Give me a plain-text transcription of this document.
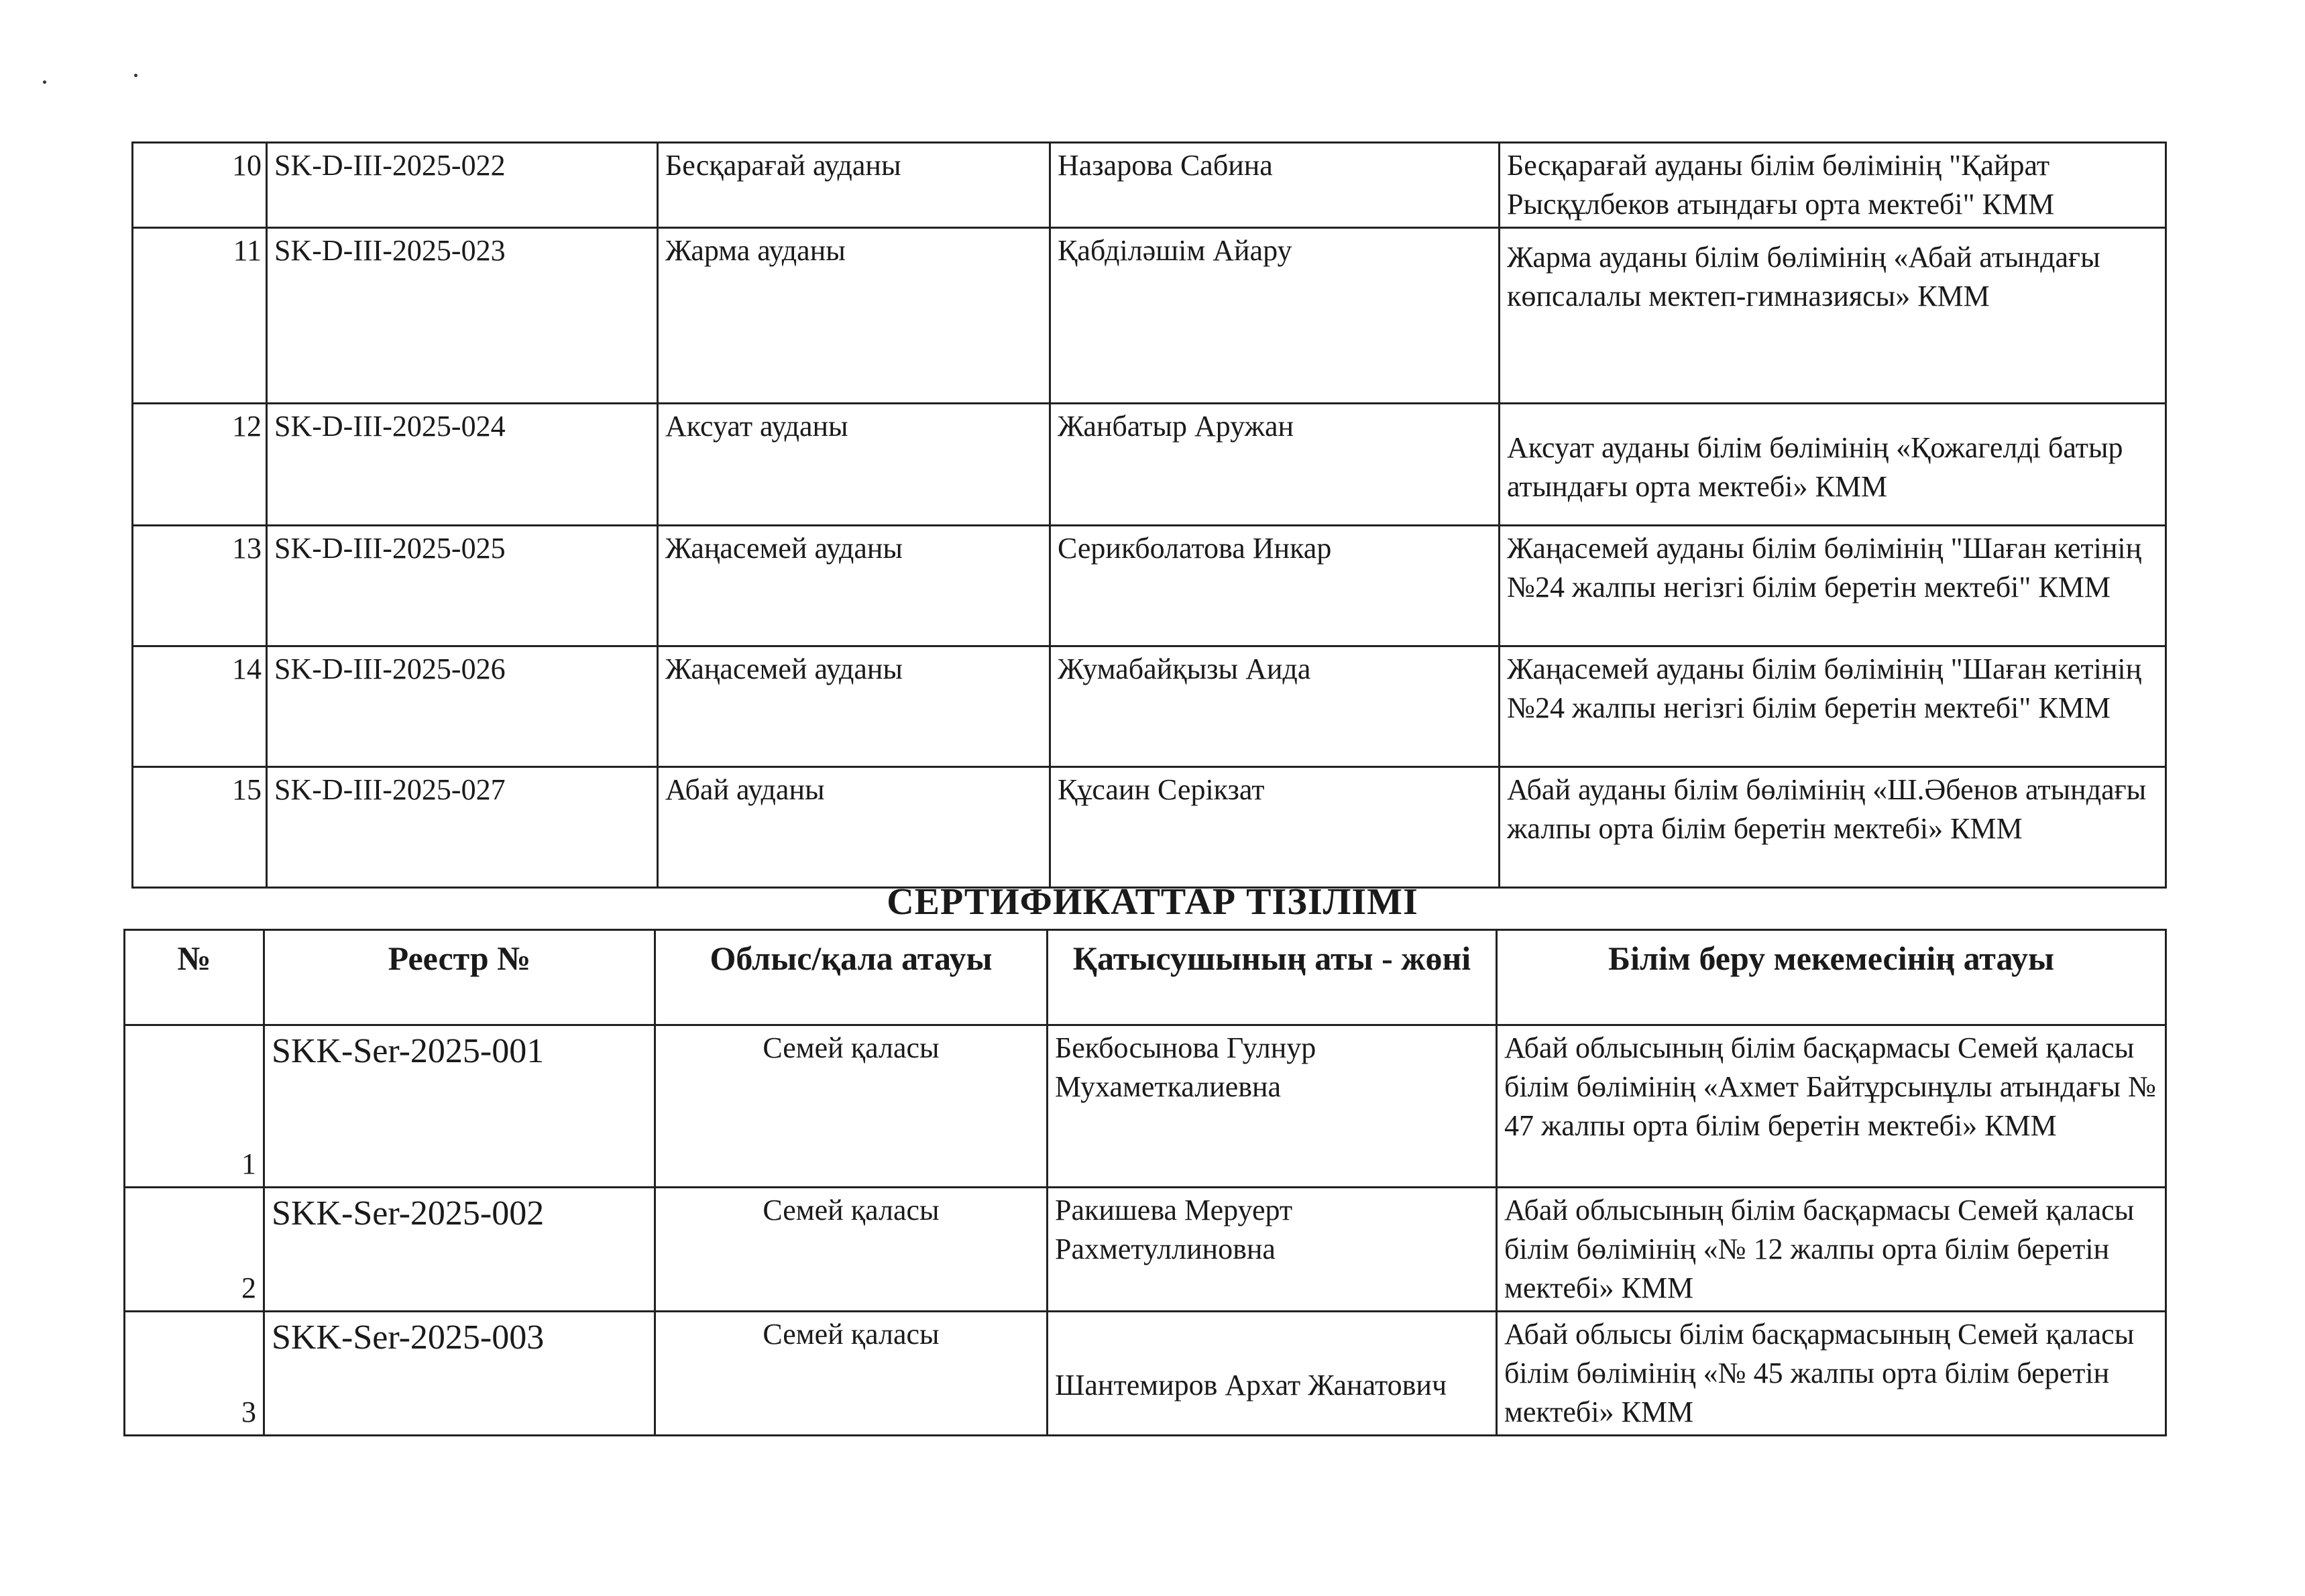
10	SK-D-III-2025-022	Бесқарағай ауданы	Назарова Сабина	Бесқарағай ауданы білім бөлімінің "Қайрат Рысқұлбеков атындағы орта мектебі" КММ
11	SK-D-III-2025-023	Жарма ауданы	Қабділәшім Айару	Жарма ауданы білім бөлімінің «Абай атындағы көпсалалы мектеп-гимназиясы» КММ
12	SK-D-III-2025-024	Аксуат ауданы	Жанбатыр Аружан	Аксуат ауданы білім бөлімінің «Қожагелді батыр атындағы орта мектебі» КММ
13	SK-D-III-2025-025	Жаңасемей ауданы	Серикболатова Инкар	Жаңасемей ауданы білім бөлімінің "Шаған кетінің №24 жалпы негізгі білім беретін мектебі" КММ
14	SK-D-III-2025-026	Жаңасемей ауданы	Жумабайқызы Аида	Жаңасемей ауданы білім бөлімінің "Шаған кетінің №24 жалпы негізгі білім беретін мектебі" КММ
15	SK-D-III-2025-027	Абай ауданы	Құсаин Серікзат	Абай ауданы білім бөлімінің «Ш.Әбенов атындағы жалпы орта білім беретін мектебі» КММ
СЕРТИФИКАТТАР ТІЗІЛІМІ
№	Реестр №	Облыс/қала атауы	Қатысушының аты - жөні	Білім беру мекемесінің атауы
1	SKK-Ser-2025-001	Семей қаласы	Бекбосынова Гулнур Мухаметкалиевна	Абай облысының білім басқармасы Семей қаласы білім бөлімінің «Ахмет Байтұрсынұлы атындағы № 47 жалпы орта білім беретін мектебі» КММ
2	SKK-Ser-2025-002	Семей қаласы	Ракишева Меруерт Рахметуллиновна	Абай облысының білім басқармасы Семей қаласы білім бөлімінің «№ 12 жалпы орта білім беретін мектебі» КММ
3	SKK-Ser-2025-003	Семей қаласы	Шантемиров Архат Жанатович	Абай облысы білім басқармасының Семей қаласы білім бөлімінің «№ 45 жалпы орта білім беретін мектебі» КММ
